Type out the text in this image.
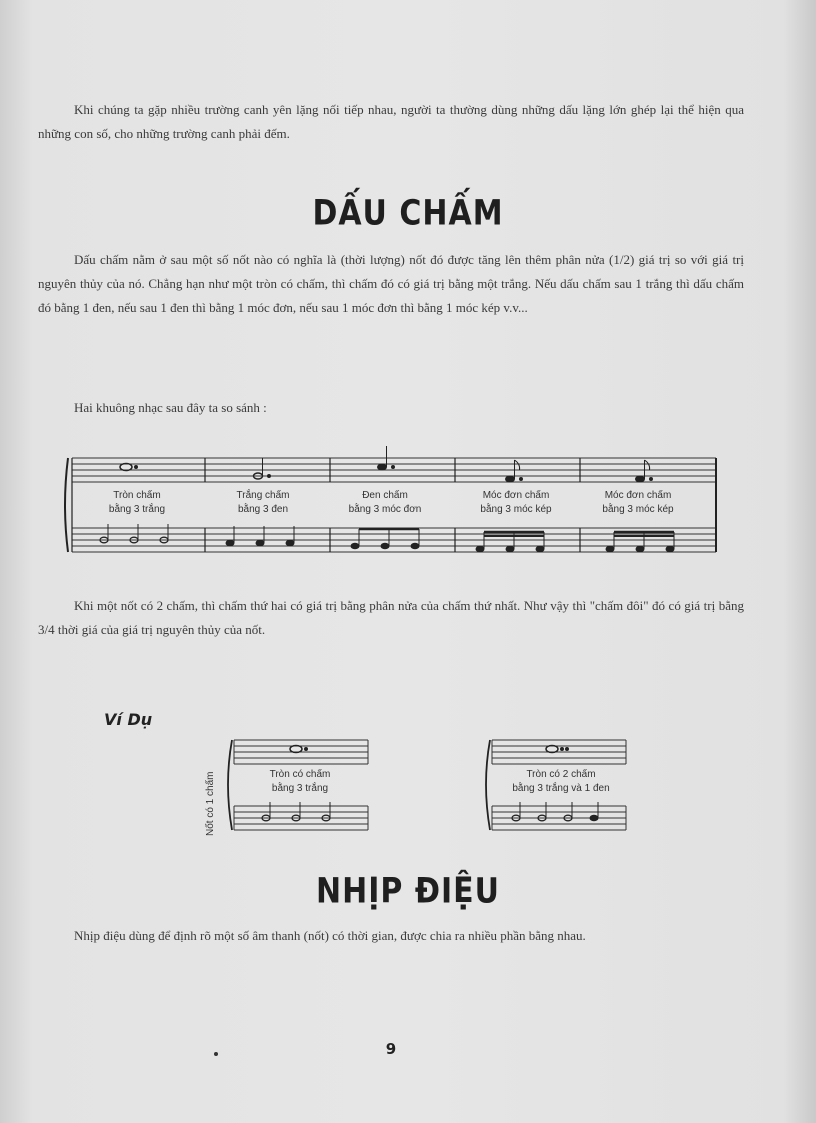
Khi chúng ta gặp nhiều trường canh yên lặng nối tiếp nhau, người ta thường dùng những dấu lặng lớn ghép lại thể hiện qua những con số, cho những trường canh phải đếm.
DẤU CHẤM
Dấu chấm nằm ở sau một số nốt nào có nghĩa là (thời lượng) nốt đó được tăng lên thêm phân nửa (1/2) giá trị so với giá trị nguyên thủy của nó. Chẳng hạn như một tròn có chấm, thì chấm đó có giá trị bằng một trắng. Nếu dấu chấm sau 1 trắng thì dấu chấm đó bằng 1 đen, nếu sau 1 đen thì bằng 1 móc đơn, nếu sau 1 móc đơn thì bằng 1 móc kép v.v...
Hai khuông nhạc sau đây ta so sánh :
Tròn chấm
bằng 3 trắng
Trắng chấm
bằng 3 đen
Đen chấm
bằng 3 móc đơn
Móc đơn chấm
bằng 3 móc kép
Móc đơn chấm
bằng 3 móc kép
Khi một nốt có 2 chấm, thì chấm thứ hai có giá trị bằng phân nửa của chấm thứ nhất. Như vậy thì "chấm đôi" đó có giá trị bằng 3/4 thời giá của giá trị nguyên thủy của nốt.
Ví Dụ
Nốt có 1 chấm	Tròn có chấm
bằng 3 trắng
Tròn có 2 chấm
bằng 3 trắng và 1 đen
NHỊP ĐIỆU
Nhịp điệu dùng để định rõ một số âm thanh (nốt) có thời gian, được chia ra nhiều phần bằng nhau.
9
